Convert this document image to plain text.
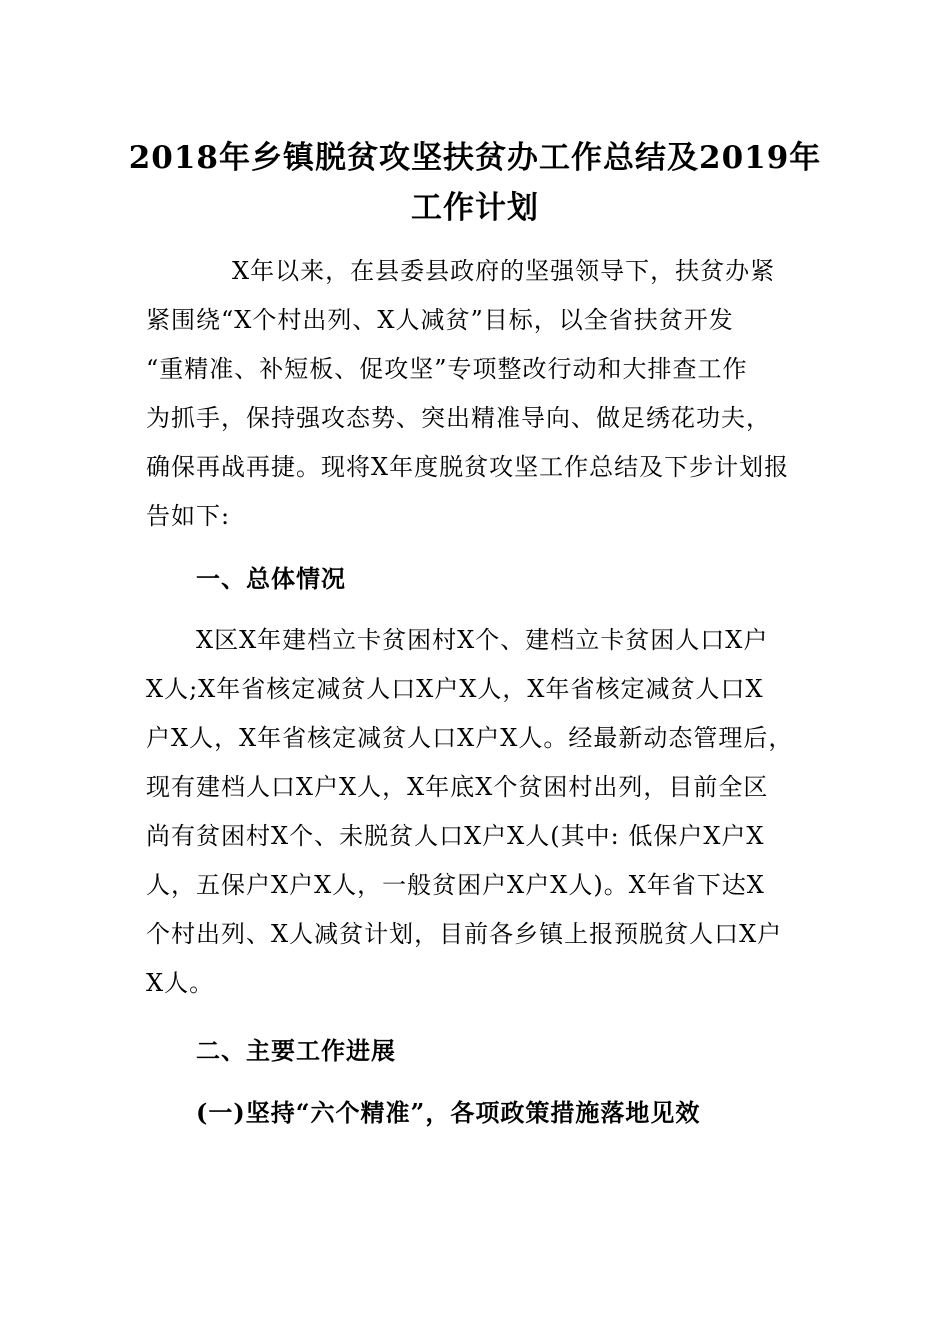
2018年乡镇脱贫攻坚扶贫办工作总结及2019年
工作计划
X年以来，在县委县政府的坚强领导下，扶贫办紧
紧围绕“X个村出列、X人减贫”目标，以全省扶贫开发
“重精准、补短板、促攻坚”专项整改行动和大排查工作
为抓手，保持强攻态势、突出精准导向、做足绣花功夫，
确保再战再捷。现将X年度脱贫攻坚工作总结及下步计划报
告如下:
一、总体情况
X区X年建档立卡贫困村X个、建档立卡贫困人口X户
X人;X年省核定减贫人口X户X人，X年省核定减贫人口X
户X人，X年省核定减贫人口X户X人。经最新动态管理后，
现有建档人口X户X人，X年底X个贫困村出列，目前全区
尚有贫困村X个、未脱贫人口X户X人(其中: 低保户X户X
人，五保户X户X人，一般贫困户X户X人)。X年省下达X
个村出列、X人减贫计划，目前各乡镇上报预脱贫人口X户
X人。
二、主要工作进展
(一)坚持“六个精准”，各项政策措施落地见效
